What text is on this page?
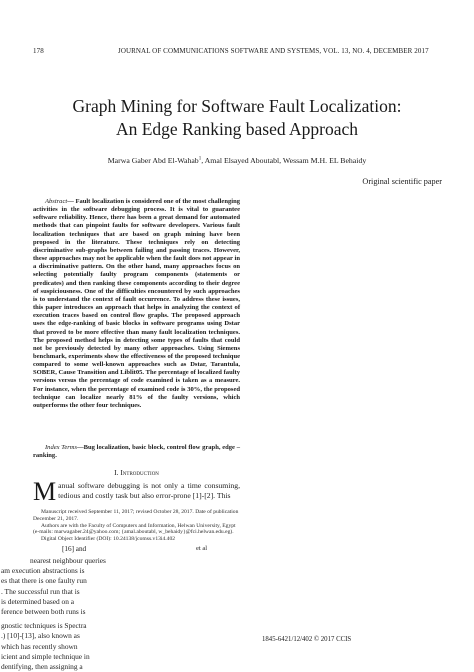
178	JOURNAL OF COMMUNICATIONS SOFTWARE AND SYSTEMS, VOL. 13, NO. 4, DECEMBER 2017
Graph Mining for Software Fault Localization:
An Edge Ranking based Approach
Marwa Gaber Abd El-Wahab$^1$, Amal Elsayed Aboutabl, Wessam M.H. EL Behaidy
Original scientific paper
Abstract— Fault localization is considered one of the most challenging activities in the software debugging process. It is vital to guarantee software reliability. Hence, there has been a great demand for automated methods that can pinpoint faults for software developers. Various fault localization techniques that are based on graph mining have been proposed in the literature. These techniques rely on detecting discriminative sub-graphs between failing and passing traces. However, these approaches may not be applicable when the fault does not appear in a discriminative pattern. On the other hand, many approaches focus on selecting potentially faulty program components (statements or predicates) and then ranking these components according to their degree of suspiciousness. One of the difficulties encountered by such approaches is to understand the context of fault occurrence. To address these issues, this paper introduces an approach that helps in analyzing the context of execution traces based on control flow graphs. The proposed approach uses the edge-ranking of basic blocks in software programs using Dstar that proved to be more effective than many fault localization techniques. The proposed method helps in detecting some types of faults that could not be previously detected by many other approaches. Using Siemens benchmark, experiments show the effectiveness of the proposed technique compared to some well-known approaches such as Dstar, Tarantula, SOBER, Cause Transition and Liblit05. The percentage of localized faulty versions versus the percentage of code examined is taken as a measure. For instance, when the percentage of examined code is 30%, the proposed technique can localize nearly 81% of the faulty versions, which outperforms the other four techniques.
Index Terms—Bug localization, basic block, control flow graph, edge – ranking.
I. Introduction
Manual software debugging is not only a time consuming, tedious and costly task but also error-prone [1]-[2]. This

Manuscript received September 11, 2017; revised October 28, 2017. Date of publication December 21, 2017.

Authors are with the Faculty of Computers and Information, Helwan University, Egypt (e-mails: marwagaber.24@yahoo.com; {amal.aboutabl, w_behaidy}@fci.helwan.edu.eg).

Digital Object Identifier (DOI): 10.24138/jcomss.v13i4.402

[16] and	et al
nearest neighbour queries
am execution abstractions is
es that there is one faulty run
. The successful run that is
is determined based on a
ference between both runs is
gnostic techniques is Spectra
.) [10]-[13], also known as
which has recently shown
icient and simple technique in
dentifying, then assigning a
1845-6421/12/402 © 2017 CCIS
